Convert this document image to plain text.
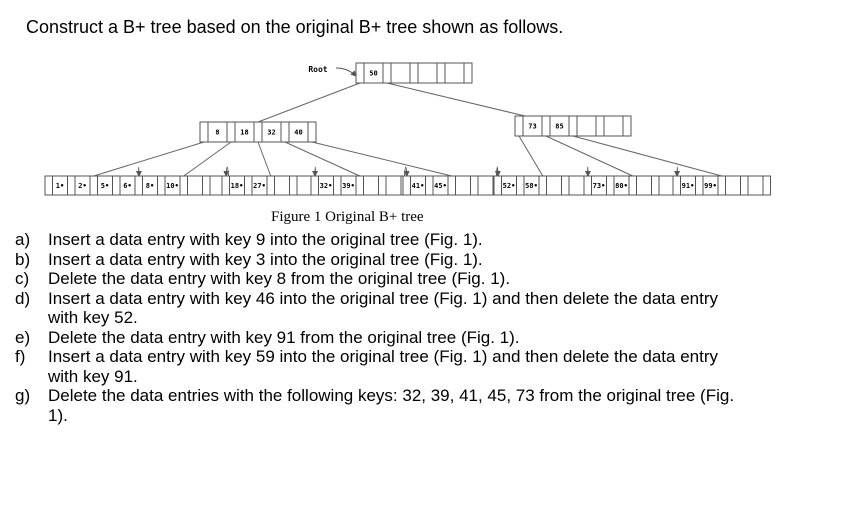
Construct a B+ tree based on the original B+ tree shown as follows.
Root	50
8	18	32	40
73	85
1• 2• 5• 6• 8• 10•	18• 27•	32• 39•	41• 45•	52• 58•	73• 80•	91• 99•
Figure 1 Original B+ tree
a) Insert a data entry with key 9 into the original tree (Fig. 1).
b) Insert a data entry with key 3 into the original tree (Fig. 1).
c) Delete the data entry with key 8 from the original tree (Fig. 1).
d) Insert a data entry with key 46 into the original tree (Fig. 1) and then delete the data entry with key 52.
e) Delete the data entry with key 91 from the original tree (Fig. 1).
f) Insert a data entry with key 59 into the original tree (Fig. 1) and then delete the data entry with key 91.
g) Delete the data entries with the following keys: 32, 39, 41, 45, 73 from the original tree (Fig. 1).
